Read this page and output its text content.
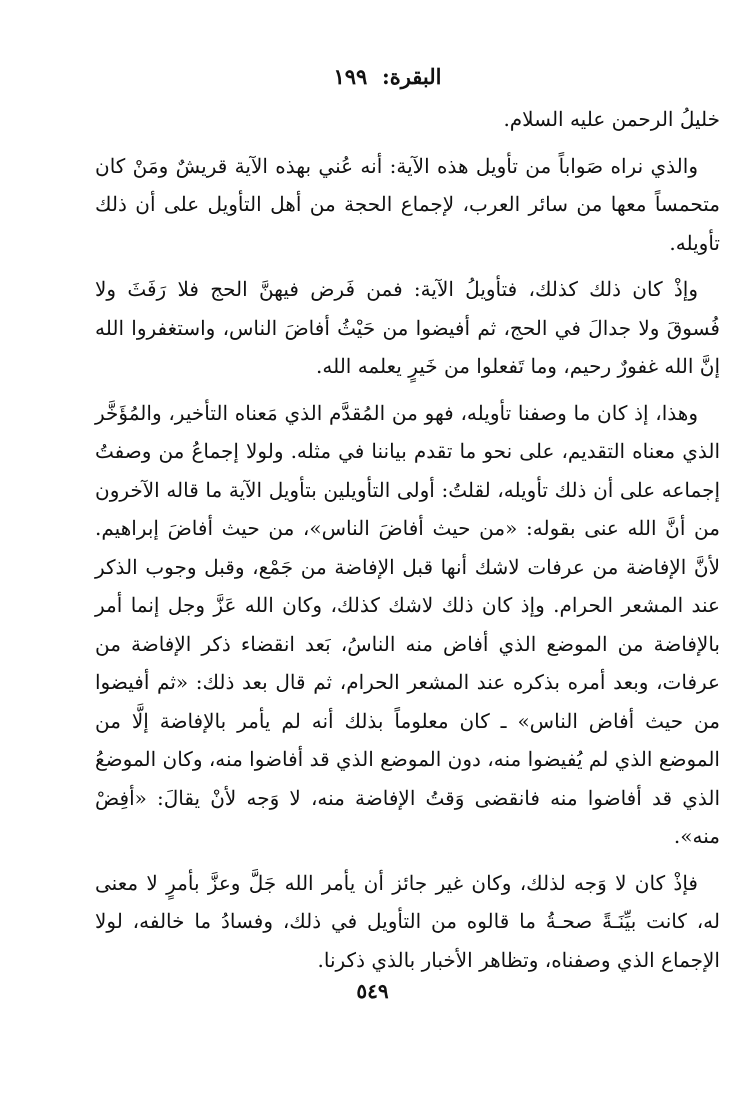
البقرة:  ١٩٩

خليلُ الرحمن عليه السلام.

والذي نراه صَواباً من تأويل هذه الآية: أنه عُني بهذه الآية قريشٌ ومَنْ كان متحمساً معها من سائر العرب، لإجماع الحجة من أهل التأويل على أن ذلك تأويله.

وإذْ كان ذلك كذلك، فتأويلُ الآية: فمن فَرض فيهنَّ الحج فلا رَفَثَ ولا فُسوقَ ولا جدالَ في الحج، ثم أفيضوا من حَيْثُ أفاضَ الناس، واستغفروا الله إنَّ الله غفورٌ رحيم، وما تَفعلوا من خَيرٍ يعلمه الله.

وهذا، إذ كان ما وصفنا تأويله، فهو من المُقدَّم الذي مَعناه التأخير، والمُؤَخَّر الذي معناه التقديم، على نحو ما تقدم بياننا في مثله. ولولا إجماعُ من وصفتُ إجماعه على أن ذلك تأويله، لقلتُ: أولى التأويلين بتأويل الآية ما قاله الآخرون من أنَّ الله عنى بقوله: «من حيث أفاضَ الناس»، من حيث أفاضَ إبراهيم. لأنَّ الإفاضة من عرفات لاشك أنها قبل الإفاضة من جَمْع، وقبل وجوب الذكر عند المشعر الحرام. وإذ كان ذلك لاشك كذلك، وكان الله عَزَّ وجل إنما أمر بالإفاضة من الموضع الذي أفاض منه الناسُ، بَعد انقضاء ذكر الإفاضة من عرفات، وبعد أمره بذكره عند المشعر الحرام، ثم قال بعد ذلك: «ثم أفيضوا من حيث أفاض الناس» ـ كان معلوماً بذلك أنه لم يأمر بالإفاضة إلَّا من الموضع الذي لم يُفيضوا منه، دون الموضع الذي قد أفاضوا منه، وكان الموضعُ الذي قد أفاضوا منه فانقضى وَقتُ الإفاضة منه، لا وَجه لأنْ يقالَ: «أفِضْ منه».

فإذْ كان لا وَجه لذلك، وكان غير جائز أن يأمر الله جَلَّ وعزَّ بأمرٍ لا معنى له، كانت بيِّنَـةً صحـةُ ما قالوه من التأويل في ذلك، وفسادُ ما خالفه، لولا الإجماع الذي وصفناه، وتظاهر الأخبار بالذي ذكرنا.

٥٤٩
